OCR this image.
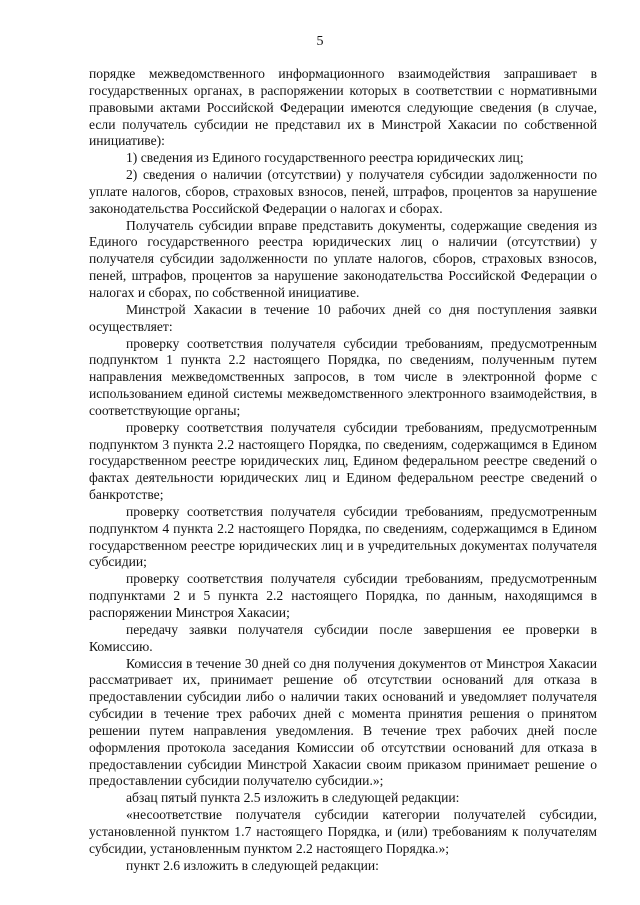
5

порядке межведомственного информационного взаимодействия запрашивает в государственных органах, в распоряжении которых в соответствии с нормативными правовыми актами Российской Федерации имеются следующие сведения (в случае, если получатель субсидии не представил их в Минстрой Хакасии по собственной инициативе):

1) сведения из Единого государственного реестра юридических лиц;

2) сведения о наличии (отсутствии) у получателя субсидии задолженности по уплате налогов, сборов, страховых взносов, пеней, штрафов, процентов за нарушение законодательства Российской Федерации о налогах и сборах.

Получатель субсидии вправе представить документы, содержащие сведения из Единого государственного реестра юридических лиц о наличии (отсутствии) у получателя субсидии задолженности по уплате налогов, сборов, страховых взносов, пеней, штрафов, процентов за нарушение законодательства Российской Федерации о налогах и сборах, по собственной инициативе.

Минстрой Хакасии в течение 10 рабочих дней со дня поступления заявки осуществляет:

проверку соответствия получателя субсидии требованиям, предусмотренным подпунктом 1 пункта 2.2 настоящего Порядка, по сведениям, полученным путем направления межведомственных запросов, в том числе в электронной форме с использованием единой системы межведомственного электронного взаимодействия, в соответствующие органы;

проверку соответствия получателя субсидии требованиям, предусмотренным подпунктом 3 пункта 2.2 настоящего Порядка, по сведениям, содержащимся в Едином государственном реестре юридических лиц, Едином федеральном реестре сведений о фактах деятельности юридических лиц и Едином федеральном реестре сведений о банкротстве;

проверку соответствия получателя субсидии требованиям, предусмотренным подпунктом 4 пункта 2.2 настоящего Порядка, по сведениям, содержащимся в Едином государственном реестре юридических лиц и в учредительных документах получателя субсидии;

проверку соответствия получателя субсидии требованиям, предусмотренным подпунктами 2 и 5 пункта 2.2 настоящего Порядка, по данным, находящимся в распоряжении Минстроя Хакасии;

передачу заявки получателя субсидии после завершения ее проверки в Комиссию.

Комиссия в течение 30 дней со дня получения документов от Минстроя Хакасии рассматривает их, принимает решение об отсутствии оснований для отказа в предоставлении субсидии либо о наличии таких оснований и уведомляет получателя субсидии в течение трех рабочих дней с момента принятия решения о принятом решении путем направления уведомления. В течение трех рабочих дней после оформления протокола заседания Комиссии об отсутствии оснований для отказа в предоставлении субсидии Минстрой Хакасии своим приказом принимает решение о предоставлении субсидии получателю субсидии.»;

абзац пятый пункта 2.5 изложить в следующей редакции:

«несоответствие получателя субсидии категории получателей субсидии, установленной пунктом 1.7 настоящего Порядка, и (или) требованиям к получателям субсидии, установленным пунктом 2.2 настоящего Порядка.»;

пункт 2.6 изложить в следующей редакции:
